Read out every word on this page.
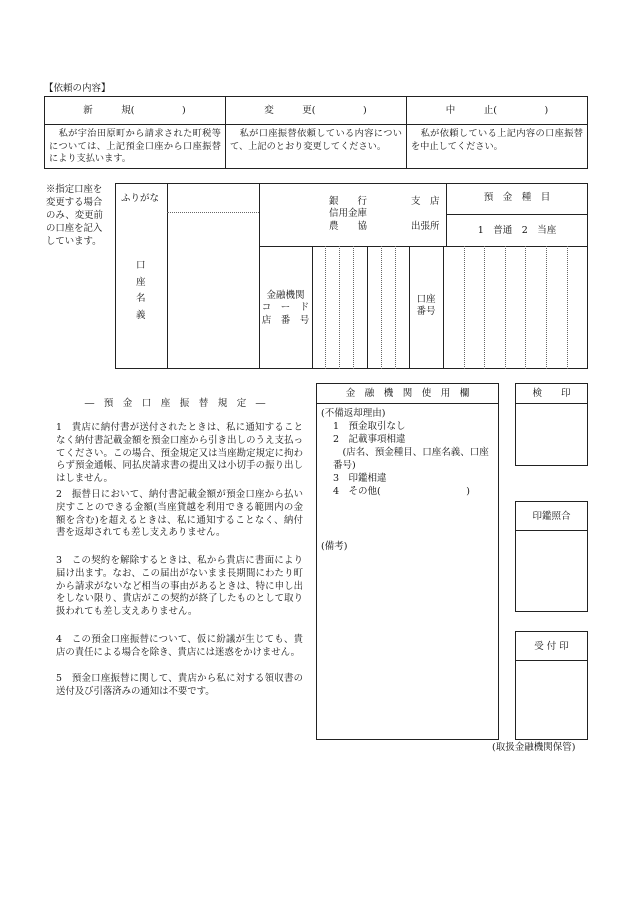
【依頼の内容】
新　　　規(　　　　　)	変　　　更(　　　　　)	中　　　止(　　　　　)
　私が宇治田原町から請求された町税等については、上記預金口座から口座振替により支払います。
　私が口座振替依頼している内容について、上記のとおり変更してください。
　私が依頼している上記内容の口座振替を中止してください。
※指定口座を変更する場合のみ、変更前の口座を記入しています。
ふりがな
口
座
名
義
銀　　行
信用金庫
農　　協
支　店

出張所
預　金　種　目
1　普通　2　当座
金融機関
コ　ー　ド
店　番　号
口座
番号
―　預　金　口　座　振　替　規　定　―
1　貴店に納付書が送付されたときは、私に通知することなく納付書記載金額を預金口座から引き出しのうえ支払ってください。この場合、預金規定又は当座勘定規定に拘わらず預金通帳、同払戻請求書の提出又は小切手の振り出しはしません。
2　振替日において、納付書記載金額が預金口座から払い戻すことのできる金額(当座貸越を利用できる範囲内の金額を含む)を超えるときは、私に通知することなく、納付書を返却されても差し支えありません。
3　この契約を解除するときは、私から貴店に書面により届け出ます。なお、この届出がないまま長期間にわたり町から請求がないなど相当の事由があるときは、特に申し出をしない限り、貴店がこの契約が終了したものとして取り扱われても差し支えありません。
4　この預金口座振替について、仮に紛議が生じても、貴店の責任による場合を除き、貴店には迷惑をかけません。
5　預金口座振替に関して、貴店から私に対する領収書の送付及び引落済みの通知は不要です。
金　融　機　関　使　用　欄
(不備返却理由)
1　預金取引なし
2　記載事項相違
　(店名、預金種目、口座名義、口座番号)
3　印鑑相違
4　その他(　　　　　　　　　)
(備考)
検　　印
印鑑照合
受 付 印
(取扱金融機関保管)
